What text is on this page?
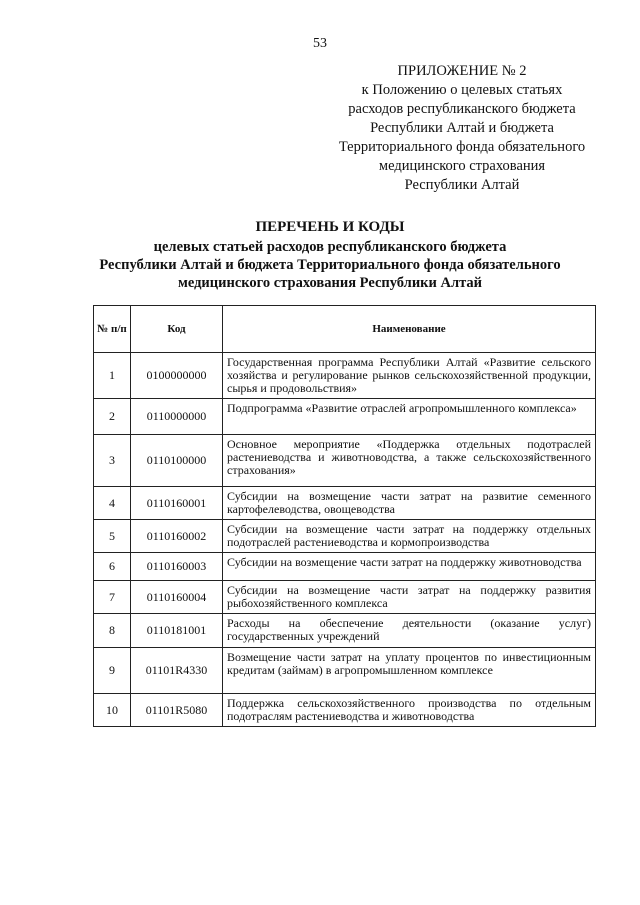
53
ПРИЛОЖЕНИЕ № 2
к Положению о целевых статьях
расходов республиканского бюджета
Республики Алтай и бюджета
Территориального фонда обязательного
медицинского страхования
Республики Алтай
ПЕРЕЧЕНЬ И КОДЫ
целевых статьей расходов республиканского бюджета
Республики Алтай и бюджета Территориального фонда обязательного
медицинского страхования Республики Алтай
№ п/п	Код	Наименование
1	0100000000	Государственная программа Республики Алтай «Развитие сельского хозяйства и регулирование рынков сельскохозяйственной продукции, сырья и продовольствия»
2	0110000000	Подпрограмма «Развитие отраслей агропромышленного комплекса»
3	0110100000	Основное мероприятие «Поддержка отдельных подотраслей растениеводства и животноводства, а также сельскохозяйственного страхования»
4	0110160001	Субсидии на возмещение части затрат на развитие семенного картофелеводства, овощеводства
5	0110160002	Субсидии на возмещение части затрат на поддержку отдельных подотраслей растениеводства и кормопроизводства
6	0110160003	Субсидии на возмещение части затрат на поддержку животноводства
7	0110160004	Субсидии на возмещение части затрат на поддержку развития рыбохозяйственного комплекса
8	0110181001	Расходы на обеспечение деятельности (оказание услуг) государственных учреждений
9	01101R4330	Возмещение части затрат на уплату процентов по инвестиционным кредитам (займам) в агропромышленном комплексе
10	01101R5080	Поддержка сельскохозяйственного производства по отдельным подотраслям растениеводства и животноводства
